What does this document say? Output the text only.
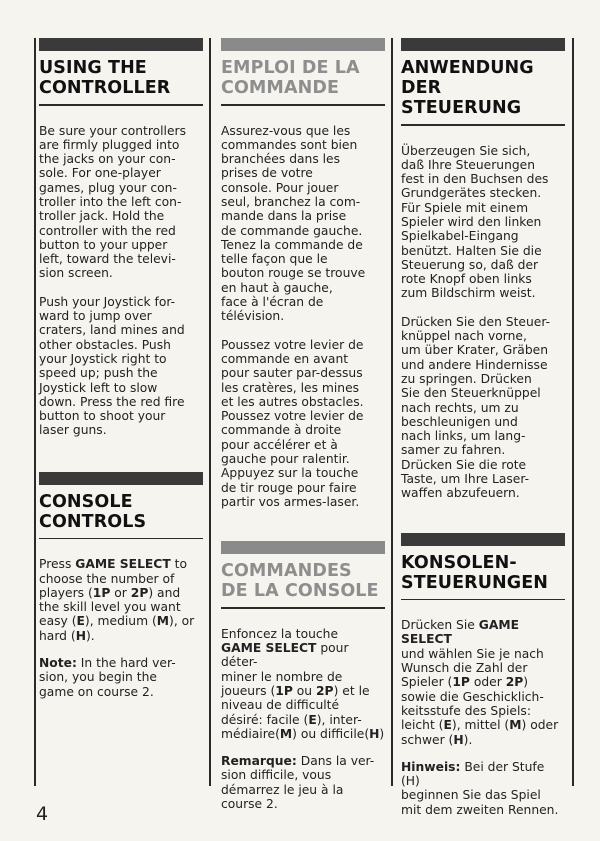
USING THE
CONTROLLER

Be sure your controllers
are firmly plugged into
the jacks on your con-
sole. For one-player
games, plug your con-
troller into the left con-
troller jack. Hold the
controller with the red
button to your upper
left, toward the televi-
sion screen.

Push your Joystick for-
ward to jump over
craters, land mines and
other obstacles. Push
your Joystick right to
speed up; push the
Joystick left to slow
down. Press the red fire
button to shoot your
laser guns.

CONSOLE
CONTROLS

Press GAME SELECT to
choose the number of
players (1P or 2P) and
the skill level you want
easy (E), medium (M), or
hard (H).

Note: In the hard ver-
sion, you begin the
game on course 2.

EMPLOI DE LA
COMMANDE

Assurez-vous que les
commandes sont bien
branchées dans les
prises de votre
console. Pour jouer
seul, branchez la com-
mande dans la prise
de commande gauche.
Tenez la commande de
telle façon que le
bouton rouge se trouve
en haut à gauche,
face à l'écran de
télévision.

Poussez votre levier de
commande en avant
pour sauter par-dessus
les cratères, les mines
et les autres obstacles.
Poussez votre levier de
commande à droite
pour accélérer et à
gauche pour ralentir.
Appuyez sur la touche
de tir rouge pour faire
partir vos armes-laser.

COMMANDES
DE LA CONSOLE

Enfoncez la touche
GAME SELECT pour déter-
miner le nombre de
joueurs (1P ou 2P) et le
niveau de difficulté
désiré: facile (E), inter-
médiaire(M) ou difficile(H)

Remarque: Dans la ver-
sion difficile, vous
démarrez le jeu à la
course 2.

ANWENDUNG
DER STEUERUNG

Überzeugen Sie sich,
daß Ihre Steuerungen
fest in den Buchsen des
Grundgerätes stecken.
Für Spiele mit einem
Spieler wird den linken
Spielkabel-Eingang
benützt. Halten Sie die
Steuerung so, daß der
rote Knopf oben links
zum Bildschirm weist.

Drücken Sie den Steuer-
knüppel nach vorne,
um über Krater, Gräben
und andere Hindernisse
zu springen. Drücken
Sie den Steuerknüppel
nach rechts, um zu
beschleunigen und
nach links, um lang-
samer zu fahren.
Drücken Sie die rote
Taste, um Ihre Laser-
waffen abzufeuern.

KONSOLEN-
STEUERUNGEN

Drücken Sie GAME SELECT
und wählen Sie je nach
Wunsch die Zahl der
Spieler (1P oder 2P)
sowie die Geschicklich-
keitsstufe des Spiels:
leicht (E), mittel (M) oder
schwer (H).

Hinweis: Bei der Stufe (H)
beginnen Sie das Spiel
mit dem zweiten Rennen.

4
